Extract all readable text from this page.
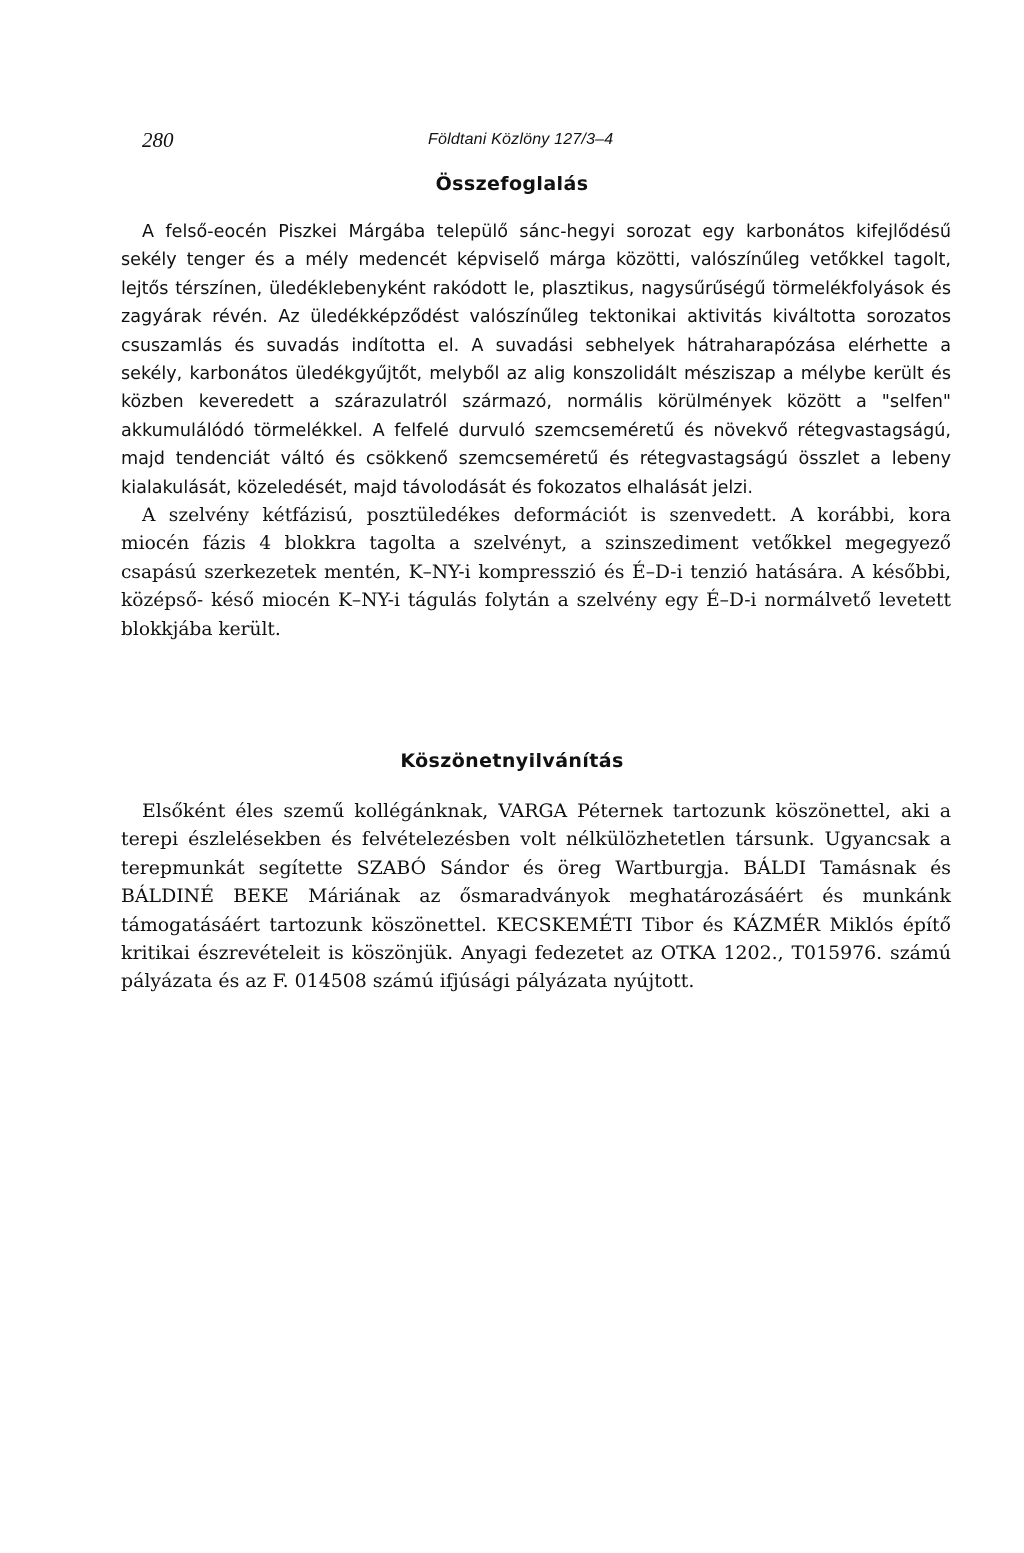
280	Földtani Közlöny 127/3–4
Összefoglalás

A felső-eocén Piszkei Márgába települő sánc-hegyi sorozat egy karbonátos kifejlődésű sekély tenger és a mély medencét képviselő márga közötti, valószínűleg vetőkkel tagolt, lejtős térszínen, üledéklebenyként rakódott le, plasztikus, nagysűrűségű törmelékfolyások és zagyárak révén. Az üledékképződést valószínűleg tektonikai aktivitás kiváltotta sorozatos csuszamlás és suvadás indította el. A suvadási sebhelyek hátraharapózása elérhette a sekély, karbonátos üledékgyűjtőt, melyből az alig konszolidált mésziszap a mélybe került és közben keveredett a szárazulatról származó, normális körülmények között a "selfen" akkumulálódó törmelékkel. A felfelé durvuló szemcseméretű és növekvő rétegvastagságú, majd tendenciát váltó és csökkenő szemcseméretű és rétegvastagságú összlet a lebeny kialakulását, közeledését, majd távolodását és fokozatos elhalását jelzi.

A szelvény kétfázisú, posztüledékes deformációt is szenvedett. A korábbi, kora miocén fázis 4 blokkra tagolta a szelvényt, a szinszediment vetőkkel megegyező csapású szerkezetek mentén, K–NY-i kompresszió és É–D-i tenzió hatására. A későbbi, középső- késő miocén K–NY-i tágulás folytán a szelvény egy É–D-i normálvető levetett blokkjába került.

Köszönetnyilvánítás

Elsőként éles szemű kollégánknak, VARGA Péternek tartozunk köszönettel, aki a terepi észlelésekben és felvételezésben volt nélkülözhetetlen társunk. Ugyancsak a terepmunkát segítette SZABÓ Sándor és öreg Wartburgja. BÁLDI Tamásnak és BÁLDINÉ BEKE Máriának az ősmaradványok meghatározásáért és munkánk támogatásáért tartozunk köszönettel. KECSKEMÉTI Tibor és KÁZMÉR Miklós építő kritikai észrevételeit is köszönjük. Anyagi fedezetet az OTKA 1202., T015976. számú pályázata és az F. 014508 számú ifjúsági pályázata nyújtott.
